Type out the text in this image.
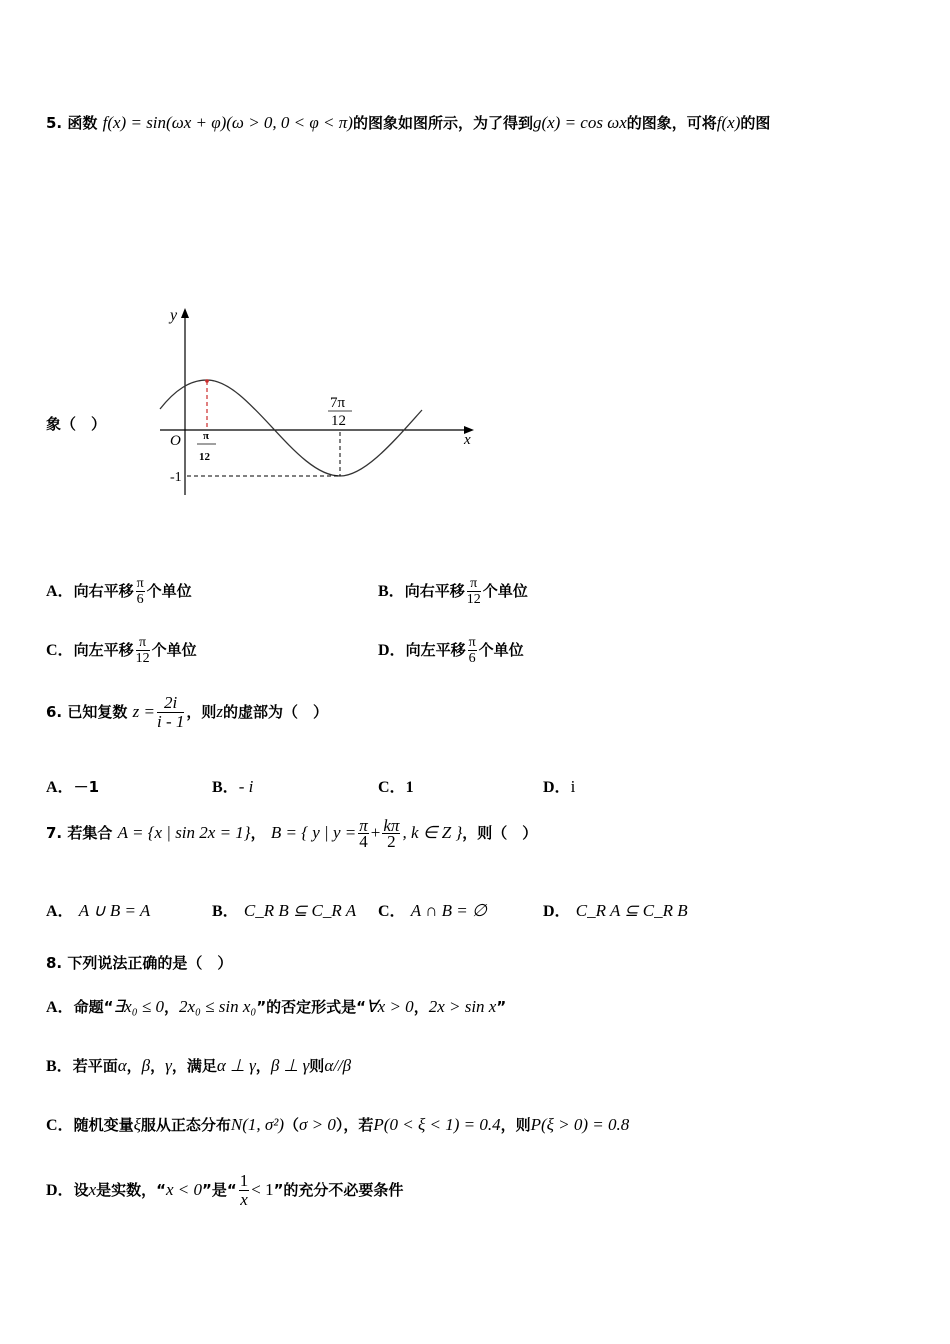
5. 函数 f(x) = sin(ωx + φ)(ω > 0, 0 < φ < π)的图象如图所示，为了得到g(x) = cos ωx的图象，可将f(x)的图
象（　）
y
x
O π
12
7π
12
-1
A．向右平移 $\frac{\pi}{6}$ 个单位	B．向右平移 $\frac{\pi}{12}$ 个单位
C．向左平移 $\frac{\pi}{12}$ 个单位	D．向左平移 $\frac{\pi}{6}$ 个单位
6. 已知复数 $z = \frac{2i}{i - 1}$ ，则z的虚部为（　）
A．－1	B．- i	C．1	D．i
7. 若集合 A = {x | sin 2x = 1}， B = { y | $y = \frac{\pi}{4} + \frac{k\pi}{2}$ , k ∈ Z }，则（　）
A． A ∪ B = A	B． C_R B ⊆ C_R A C． A ∩ B = ∅	D． C_R A ⊆ C_R B
8. 下列说法正确的是（　）
A．命题“∃x₀ ≤ 0，2x₀ ≤ sin x₀”的否定形式是“∀x > 0，2x > sin x”
B．若平面α，β，γ，满足α ⊥ γ，β ⊥ γ则α//β
C．随机变量ξ服从正态分布N(1, σ²)（σ > 0），若P(0 < ξ < 1) = 0.4，则P(ξ > 0) = 0.8
D．设x是实数，“x < 0”是“ $\frac{1}{x} < 1$”的充分不必要条件
